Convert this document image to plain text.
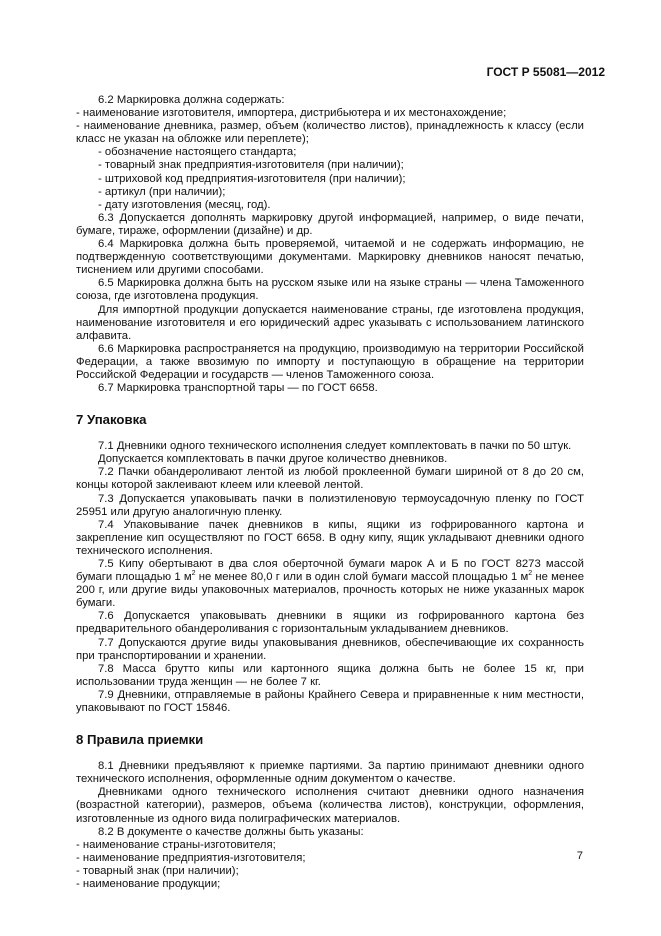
ГОСТ Р 55081—2012

6.2 Маркировка должна содержать:

- наименование изготовителя, импортера, дистрибьютера и их местонахождение;

- наименование дневника, размер, объем (количество листов), принадлежность к классу (если класс не указан на обложке или переплете);

- обозначение настоящего стандарта;

- товарный знак предприятия-изготовителя (при наличии);

- штриховой код предприятия-изготовителя (при наличии);

- артикул (при наличии);

- дату изготовления (месяц, год).

6.3 Допускается дополнять маркировку другой информацией, например, о виде печати, бумаге, тираже, оформлении (дизайне) и др.

6.4 Маркировка должна быть проверяемой, читаемой и не содержать информацию, не подтвержденную соответствующими документами. Маркировку дневников наносят печатью, тиснением или другими способами.

6.5 Маркировка должна быть на русском языке или на языке страны — члена Таможенного союза, где изготовлена продукция.

Для импортной продукции допускается наименование страны, где изготовлена продукция, наименование изготовителя и его юридический адрес указывать с использованием латинского алфавита.

6.6 Маркировка распространяется на продукцию, производимую на территории Российской Федерации, а также ввозимую по импорту и поступающую в обращение на территории Российской Федерации и государств — членов Таможенного союза.

6.7 Маркировка транспортной тары — по ГОСТ 6658.

7 Упаковка

7.1 Дневники одного технического исполнения следует комплектовать в пачки по 50 штук.

Допускается комплектовать в пачки другое количество дневников.

7.2 Пачки обандероливают лентой из любой проклеенной бумаги шириной от 8 до 20 см, концы которой заклеивают клеем или клеевой лентой.

7.3 Допускается упаковывать пачки в полиэтиленовую термоусадочную пленку по ГОСТ 25951 или другую аналогичную пленку.

7.4 Упаковывание пачек дневников в кипы, ящики из гофрированного картона и закрепление кип осуществляют по ГОСТ 6658. В одну кипу, ящик укладывают дневники одного технического исполнения.

7.5 Кипу обертывают в два слоя оберточной бумаги марок А и Б по ГОСТ 8273 массой бумаги площадью 1 $м^2$ не менее 80,0 г или в один слой бумаги массой площадью 1 $м^2$ не менее 200 г, или другие виды упаковочных материалов, прочность которых не ниже указанных марок бумаги.

7.6 Допускается упаковывать дневники в ящики из гофрированного картона без предварительного обандероливания с горизонтальным укладыванием дневников.

7.7 Допускаются другие виды упаковывания дневников, обеспечивающие их сохранность при транспортировании и хранении.

7.8 Масса брутто кипы или картонного ящика должна быть не более 15 кг, при использовании труда женщин — не более 7 кг.

7.9 Дневники, отправляемые в районы Крайнего Севера и приравненные к ним местности, упаковывают по ГОСТ 15846.

8 Правила приемки

8.1 Дневники предъявляют к приемке партиями. За партию принимают дневники одного технического исполнения, оформленные одним документом о качестве.

Дневниками одного технического исполнения считают дневники одного назначения (возрастной категории), размеров, объема (количества листов), конструкции, оформления, изготовленные из одного вида полиграфических материалов.

8.2 В документе о качестве должны быть указаны:

- наименование страны-изготовителя;

- наименование предприятия-изготовителя;

- товарный знак (при наличии);

- наименование продукции;

7
